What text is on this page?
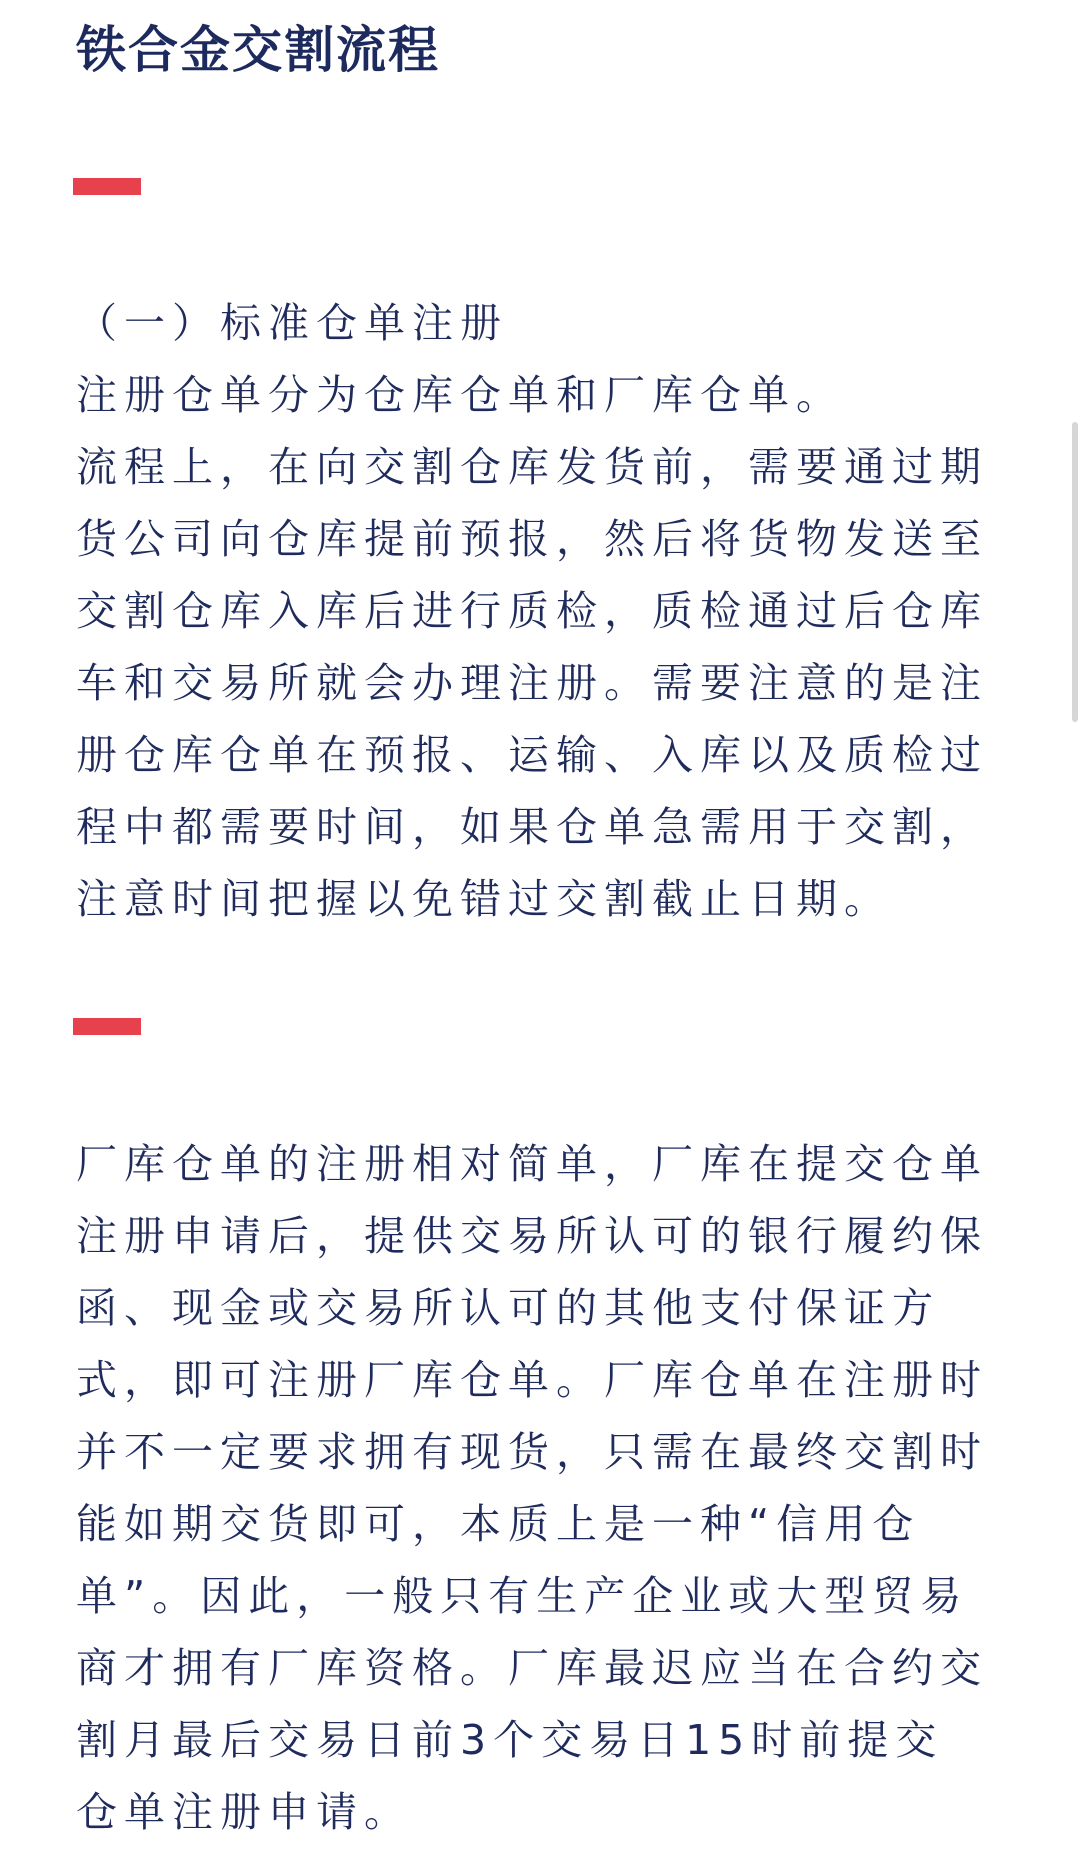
铁合金交割流程

（一）标准仓单注册

注册仓单分为仓库仓单和厂库仓单。

流程上，在向交割仓库发货前，需要通过期

货公司向仓库提前预报，然后将货物发送至

交割仓库入库后进行质检，质检通过后仓库

车和交易所就会办理注册。需要注意的是注

册仓库仓单在预报、运输、入库以及质检过

程中都需要时间，如果仓单急需用于交割，

注意时间把握以免错过交割截止日期。

厂库仓单的注册相对简单，厂库在提交仓单

注册申请后，提供交易所认可的银行履约保

函、现金或交易所认可的其他支付保证方

式，即可注册厂库仓单。厂库仓单在注册时

并不一定要求拥有现货，只需在最终交割时

能如期交货即可，本质上是一种“信用仓

单”。因此，一般只有生产企业或大型贸易

商才拥有厂库资格。厂库最迟应当在合约交

割月最后交易日前3个交易日15时前提交

仓单注册申请。
